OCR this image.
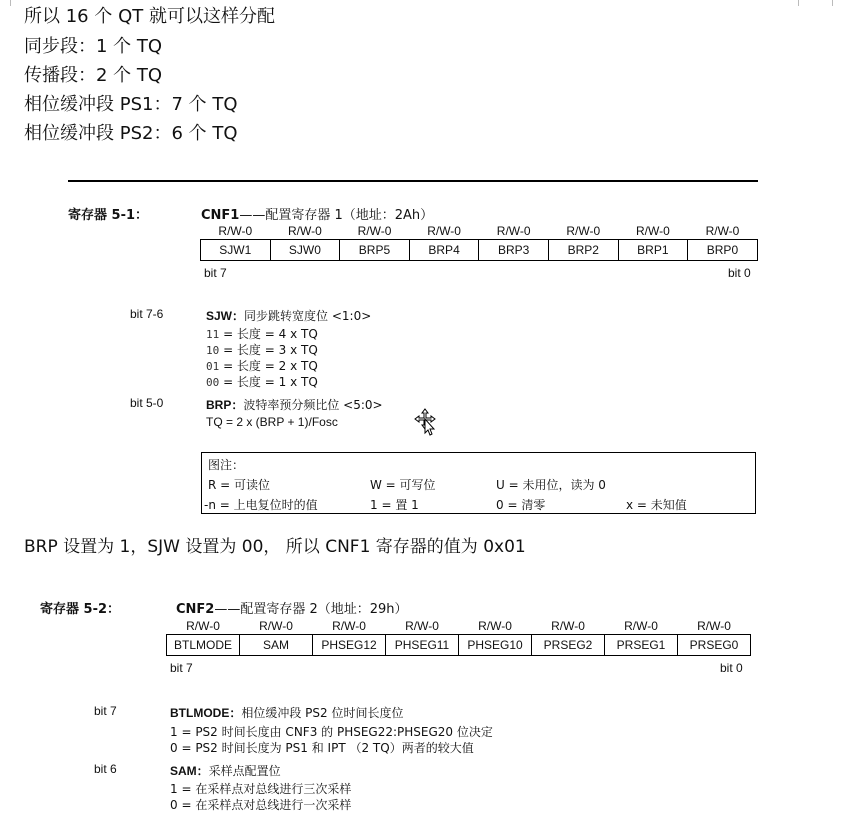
所以 16 个 QT 就可以这样分配
同步段：1 个 TQ
传播段：2 个 TQ
相位缓冲段 PS1：7 个 TQ
相位缓冲段 PS2：6 个 TQ
寄存器 5-1：	CNF1——配置寄存器 1（地址：2Ah）
R/W-0	R/W-0	R/W-0	R/W-0	R/W-0	R/W-0	R/W-0	R/W-0
SJW1	SJW0	BRP5	BRP4	BRP3	BRP2	BRP1	BRP0
bit 7	bit 0
bit 7-6	SJW：同步跳转宽度位 <1:0>
11 = 长度 = 4 x TQ
10 = 长度 = 3 x TQ
01 = 长度 = 2 x TQ
00 = 长度 = 1 x TQ
bit 5-0	BRP：波特率预分频比位 <5:0>
TQ = 2 x (BRP + 1)/Fosc
图注：
R = 可读位	W = 可写位	U = 未用位，读为 0
-n = 上电复位时的值	1 = 置 1	0 = 清零	x = 未知值
BRP 设置为 1，SJW 设置为 00， 所以 CNF1 寄存器的值为 0x01
寄存器 5-2：	CNF2——配置寄存器 2（地址：29h）
R/W-0	R/W-0	R/W-0	R/W-0	R/W-0	R/W-0	R/W-0	R/W-0
BTLMODE	SAM	PHSEG12	PHSEG11	PHSEG10	PRSEG2	PRSEG1	PRSEG0
bit 7	bit 0
bit 7	BTLMODE：相位缓冲段 PS2 位时间长度位
1 = PS2 时间长度由 CNF3 的 PHSEG22:PHSEG20 位决定
0 = PS2 时间长度为 PS1 和 IPT （2 TQ）两者的较大值
bit 6	SAM：采样点配置位
1 = 在采样点对总线进行三次采样
0 = 在采样点对总线进行一次采样
